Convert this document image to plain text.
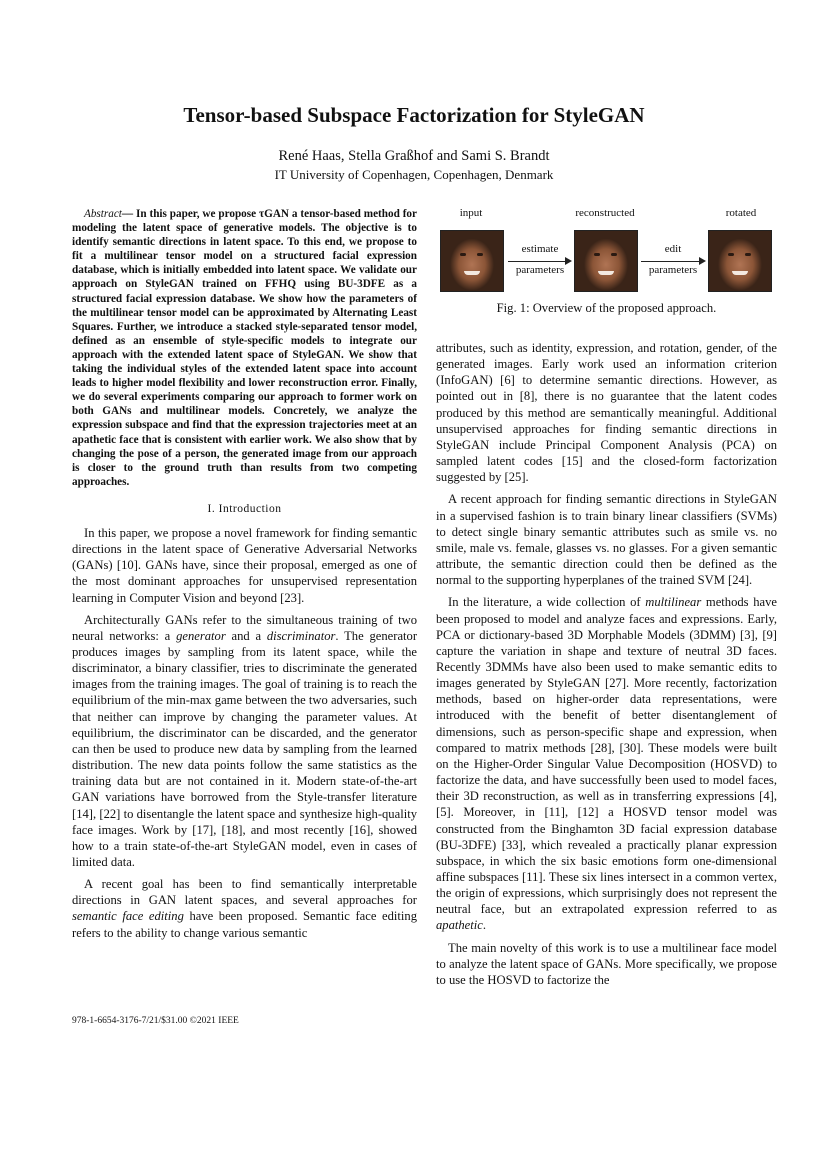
Tensor-based Subspace Factorization for StyleGAN
René Haas, Stella Graßhof and Sami S. Brandt
IT University of Copenhagen, Copenhagen, Denmark

Abstract— In this paper, we propose τGAN a tensor-based method for modeling the latent space of generative models. The objective is to identify semantic directions in latent space. To this end, we propose to fit a multilinear tensor model on a structured facial expression database, which is initially embedded into latent space. We validate our approach on StyleGAN trained on FFHQ using BU-3DFE as a structured facial expression database. We show how the parameters of the multilinear tensor model can be approximated by Alternating Least Squares. Further, we introduce a stacked style-separated tensor model, defined as an ensemble of style-specific models to integrate our approach with the extended latent space of StyleGAN. We show that taking the individual styles of the extended latent space into account leads to higher model flexibility and lower reconstruction error. Finally, we do several experiments comparing our approach to former work on both GANs and multilinear models. Concretely, we analyze the expression subspace and find that the expression trajectories meet at an apathetic face that is consistent with earlier work. We also show that by changing the pose of a person, the generated image from our approach is closer to the ground truth than results from two competing approaches.

I. Introduction

In this paper, we propose a novel framework for finding semantic directions in the latent space of Generative Adversarial Networks (GANs) [10]. GANs have, since their proposal, emerged as one of the most dominant approaches for unsupervised representation learning in Computer Vision and beyond [23].

Architecturally GANs refer to the simultaneous training of two neural networks: a generator and a discriminator. The generator produces images by sampling from its latent space, while the discriminator, a binary classifier, tries to discriminate the generated images from the training images. The goal of training is to reach the equilibrium of the min-max game between the two adversaries, such that neither can improve by changing the parameter values. At equilibrium, the discriminator can be discarded, and the generator can then be used to produce new data by sampling from the learned distribution. The new data points follow the same statistics as the training data but are not contained in it. Modern state-of-the-art GAN variations have borrowed from the Style-transfer literature [14], [22] to disentangle the latent space and synthesize high-quality face images. Work by [17], [18], and most recently [16], showed how to a train state-of-the-art StyleGAN model, even in cases of limited data.

A recent goal has been to find semantically interpretable directions in GAN latent spaces, and several approaches for semantic face editing have been proposed. Semantic face editing refers to the ability to change various semantic

input	reconstructed	rotated
estimate
parameters
edit
parameters
Fig. 1: Overview of the proposed approach.

attributes, such as identity, expression, and rotation, gender, of the generated images. Early work used an information criterion (InfoGAN) [6] to determine semantic directions. However, as pointed out in [8], there is no guarantee that the latent codes produced by this method are semantically meaningful. Additional unsupervised approaches for finding semantic directions in StyleGAN include Principal Component Analysis (PCA) on sampled latent codes [15] and the closed-form factorization suggested by [25].

A recent approach for finding semantic directions in StyleGAN in a supervised fashion is to train binary linear classifiers (SVMs) to detect single binary semantic attributes such as smile vs. no smile, male vs. female, glasses vs. no glasses. For a given semantic attribute, the semantic direction could then be defined as the normal to the supporting hyperplanes of the trained SVM [24].

In the literature, a wide collection of multilinear methods have been proposed to model and analyze faces and expressions. Early, PCA or dictionary-based 3D Morphable Models (3DMM) [3], [9] capture the variation in shape and texture of neutral 3D faces. Recently 3DMMs have also been used to make semantic edits to images generated by StyleGAN [27]. More recently, factorization methods, based on higher-order data representations, were introduced with the benefit of better disentanglement of dimensions, such as person-specific shape and expression, when compared to matrix methods [28], [30]. These models were built on the Higher-Order Singular Value Decomposition (HOSVD) to factorize the data, and have successfully been used to model faces, their 3D reconstruction, as well as in transferring expressions [4], [5]. Moreover, in [11], [12] a HOSVD tensor model was constructed from the Binghamton 3D facial expression database (BU-3DFE) [33], which revealed a practically planar expression subspace, in which the six basic emotions form one-dimensional affine subspaces [11]. These six lines intersect in a common vertex, the origin of expressions, which surprisingly does not represent the neutral face, but an extrapolated expression referred to as apathetic.

The main novelty of this work is to use a multilinear face model to analyze the latent space of GANs. More specifically, we propose to use the HOSVD to factorize the

978-1-6654-3176-7/21/$31.00 ©2021 IEEE
